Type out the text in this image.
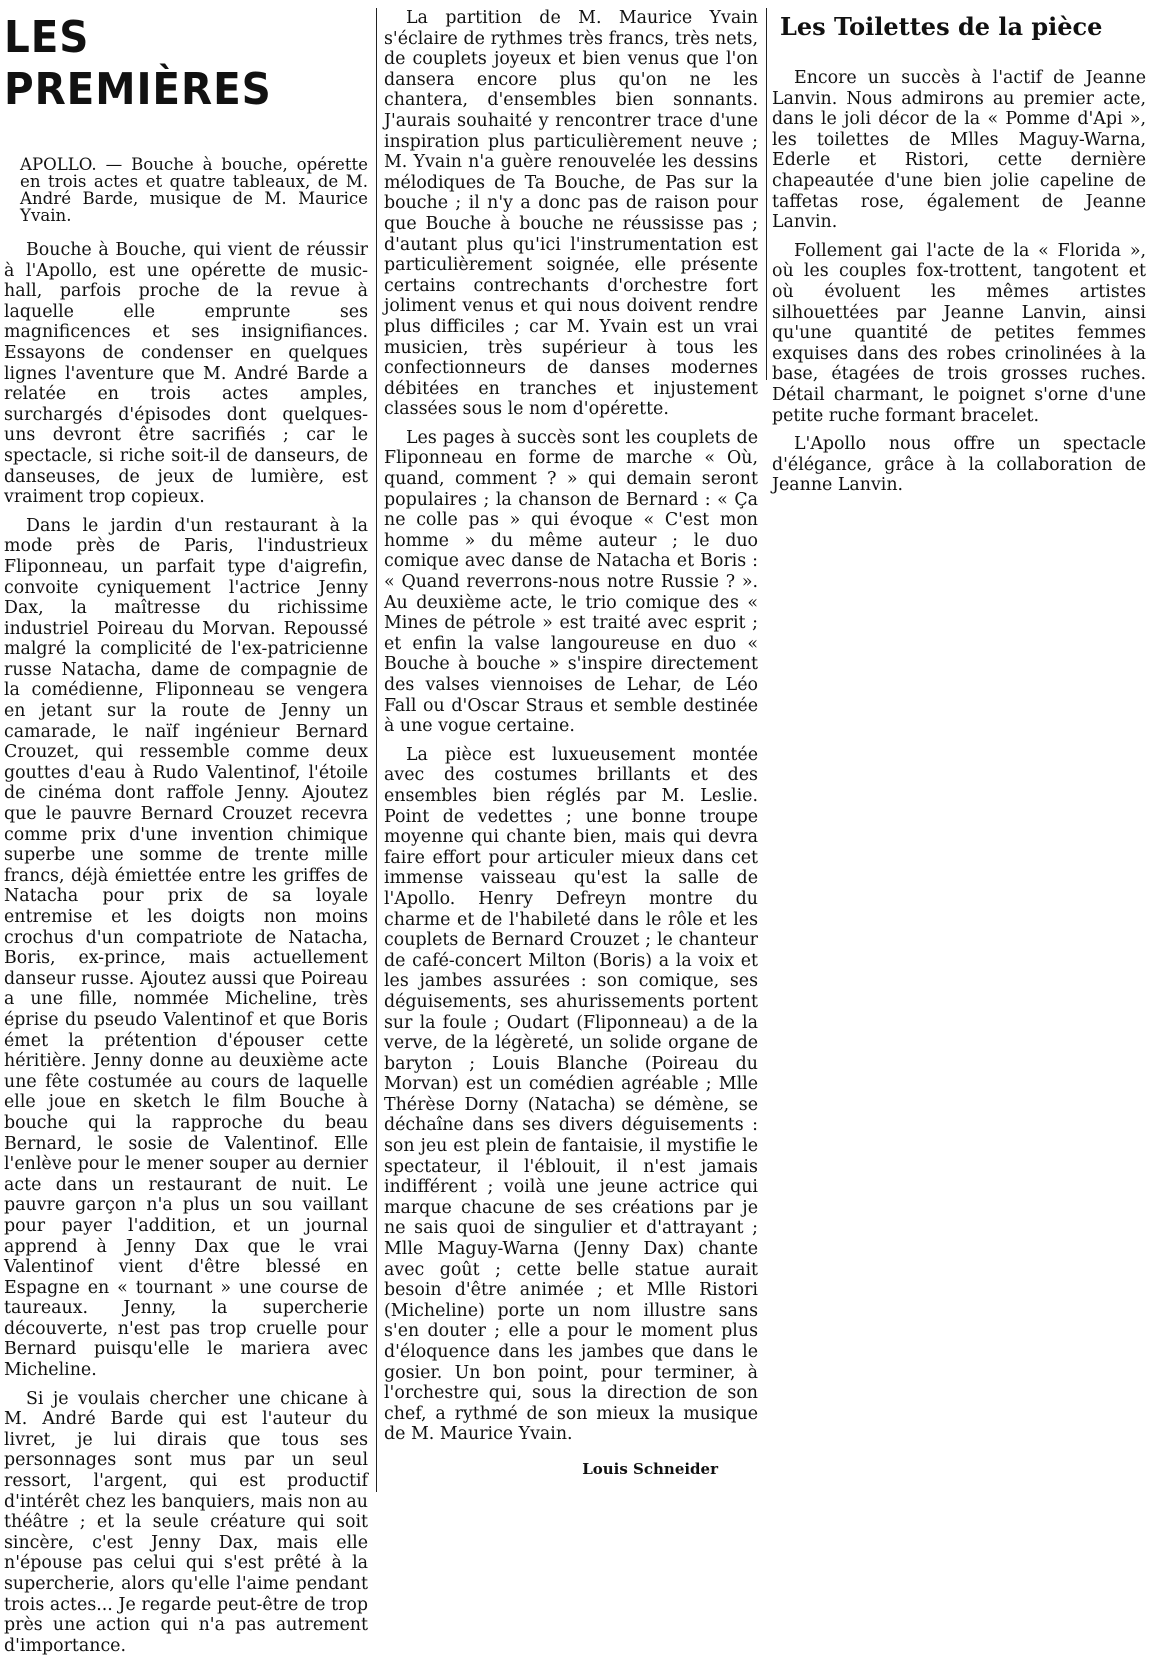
LES PREMIÈRES

APOLLO. — Bouche à bouche, opérette en trois actes et quatre tableaux, de M. André Barde, musique de M. Maurice Yvain.

Bouche à Bouche, qui vient de réussir à l'Apollo, est une opérette de music-hall, parfois proche de la revue à laquelle elle emprunte ses magnificences et ses insignifiances. Essayons de condenser en quelques lignes l'aventure que M. André Barde a relatée en trois actes amples, surchargés d'épisodes dont quelques-uns devront être sacrifiés ; car le spectacle, si riche soit-il de danseurs, de danseuses, de jeux de lumière, est vraiment trop copieux.

Dans le jardin d'un restaurant à la mode près de Paris, l'industrieux Fliponneau, un parfait type d'aigrefin, convoite cyniquement l'actrice Jenny Dax, la maîtresse du richissime industriel Poireau du Morvan. Repoussé malgré la complicité de l'ex-patricienne russe Natacha, dame de compagnie de la comédienne, Fliponneau se vengera en jetant sur la route de Jenny un camarade, le naïf ingénieur Bernard Crouzet, qui ressemble comme deux gouttes d'eau à Rudo Valentinof, l'étoile de cinéma dont raffole Jenny. Ajoutez que le pauvre Bernard Crouzet recevra comme prix d'une invention chimique superbe une somme de trente mille francs, déjà émiettée entre les griffes de Natacha pour prix de sa loyale entremise et les doigts non moins crochus d'un compatriote de Natacha, Boris, ex-prince, mais actuellement danseur russe. Ajoutez aussi que Poireau a une fille, nommée Micheline, très éprise du pseudo Valentinof et que Boris émet la prétention d'épouser cette héritière. Jenny donne au deuxième acte une fête costumée au cours de laquelle elle joue en sketch le film Bouche à bouche qui la rapproche du beau Bernard, le sosie de Valentinof. Elle l'enlève pour le mener souper au dernier acte dans un restaurant de nuit. Le pauvre garçon n'a plus un sou vaillant pour payer l'addition, et un journal apprend à Jenny Dax que le vrai Valentinof vient d'être blessé en Espagne en « tournant » une course de taureaux. Jenny, la supercherie découverte, n'est pas trop cruelle pour Bernard puisqu'elle le mariera avec Micheline.

Si je voulais chercher une chicane à M. André Barde qui est l'auteur du livret, je lui dirais que tous ses personnages sont mus par un seul ressort, l'argent, qui est productif d'intérêt chez les banquiers, mais non au théâtre ; et la seule créature qui soit sincère, c'est Jenny Dax, mais elle n'épouse pas celui qui s'est prêté à la supercherie, alors qu'elle l'aime pendant trois actes... Je regarde peut-être de trop près une action qui n'a pas autrement d'importance.

La partition de M. Maurice Yvain s'éclaire de rythmes très francs, très nets, de couplets joyeux et bien venus que l'on dansera encore plus qu'on ne les chantera, d'ensembles bien sonnants. J'aurais souhaité y rencontrer trace d'une inspiration plus particulièrement neuve ; M. Yvain n'a guère renouvelée les dessins mélodiques de Ta Bouche, de Pas sur la bouche ; il n'y a donc pas de raison pour que Bouche à bouche ne réussisse pas ; d'autant plus qu'ici l'instrumentation est particulièrement soignée, elle présente certains contrechants d'orchestre fort joliment venus et qui nous doivent rendre plus difficiles ; car M. Yvain est un vrai musicien, très supérieur à tous les confectionneurs de danses modernes débitées en tranches et injustement classées sous le nom d'opérette.

Les pages à succès sont les couplets de Fliponneau en forme de marche « Où, quand, comment ? » qui demain seront populaires ; la chanson de Bernard : « Ça ne colle pas » qui évoque « C'est mon homme » du même auteur ; le duo comique avec danse de Natacha et Boris : « Quand reverrons-nous notre Russie ? ». Au deuxième acte, le trio comique des « Mines de pétrole » est traité avec esprit ; et enfin la valse langoureuse en duo « Bouche à bouche » s'inspire directement des valses viennoises de Lehar, de Léo Fall ou d'Oscar Straus et semble destinée à une vogue certaine.

La pièce est luxueusement montée avec des costumes brillants et des ensembles bien réglés par M. Leslie. Point de vedettes ; une bonne troupe moyenne qui chante bien, mais qui devra faire effort pour articuler mieux dans cet immense vaisseau qu'est la salle de l'Apollo. Henry Defreyn montre du charme et de l'habileté dans le rôle et les couplets de Bernard Crouzet ; le chanteur de café-concert Milton (Boris) a la voix et les jambes assurées : son comique, ses déguisements, ses ahurissements portent sur la foule ; Oudart (Fliponneau) a de la verve, de la légèreté, un solide organe de baryton ; Louis Blanche (Poireau du Morvan) est un comédien agréable ; Mlle Thérèse Dorny (Natacha) se démène, se déchaîne dans ses divers déguisements : son jeu est plein de fantaisie, il mystifie le spectateur, il l'éblouit, il n'est jamais indifférent ; voilà une jeune actrice qui marque chacune de ses créations par je ne sais quoi de singulier et d'attrayant ; Mlle Maguy-Warna (Jenny Dax) chante avec goût ; cette belle statue aurait besoin d'être animée ; et Mlle Ristori (Micheline) porte un nom illustre sans s'en douter ; elle a pour le moment plus d'éloquence dans les jambes que dans le gosier. Un bon point, pour terminer, à l'orchestre qui, sous la direction de son chef, a rythmé de son mieux la musique de M. Maurice Yvain.

Louis Schneider

Les Toilettes de la pièce

Encore un succès à l'actif de Jeanne Lanvin. Nous admirons au premier acte, dans le joli décor de la « Pomme d'Api », les toilettes de Mlles Maguy-Warna, Ederle et Ristori, cette dernière chapeautée d'une bien jolie capeline de taffetas rose, également de Jeanne Lanvin.

Follement gai l'acte de la « Florida », où les couples fox-trottent, tangotent et où évoluent les mêmes artistes silhouettées par Jeanne Lanvin, ainsi qu'une quantité de petites femmes exquises dans des robes crinolinées à la base, étagées de trois grosses ruches. Détail charmant, le poignet s'orne d'une petite ruche formant bracelet.

L'Apollo nous offre un spectacle d'élégance, grâce à la collaboration de Jeanne Lanvin.
